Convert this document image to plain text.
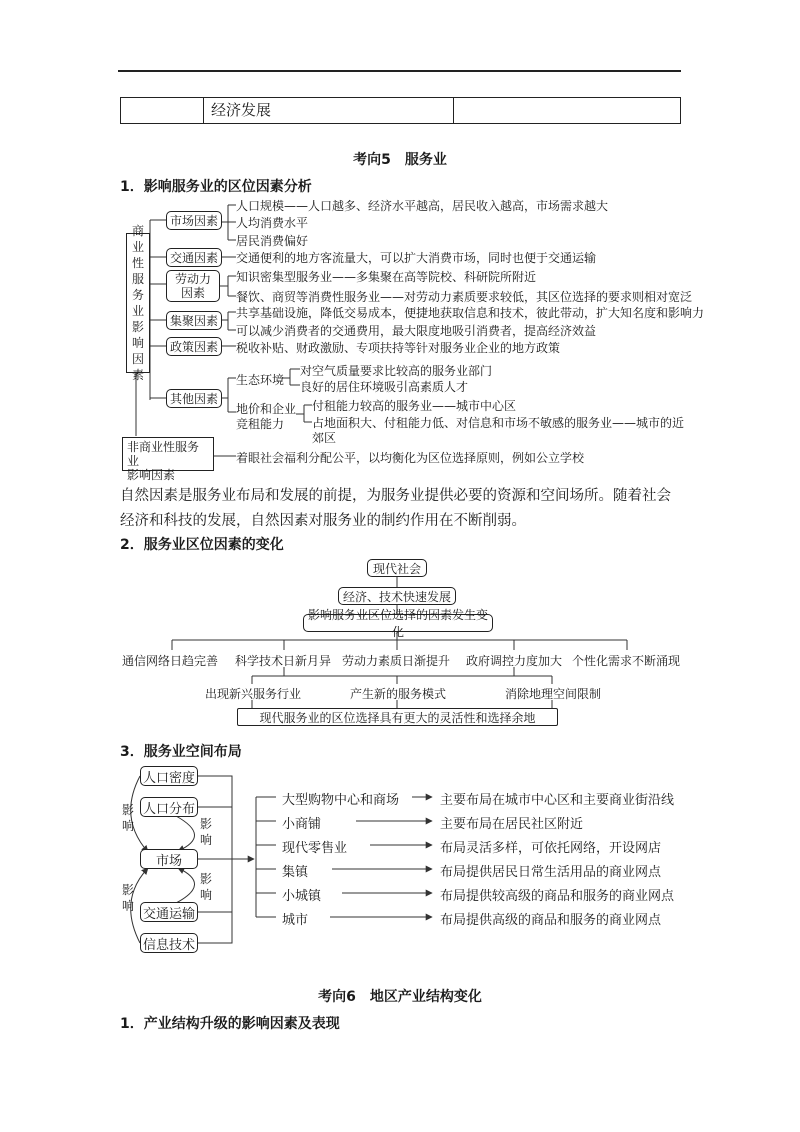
经济发展
考向5　服务业
1．影响服务业的区位因素分析
商
业
性
服
务
业
影
响
因
素
市场因素
人口规模——人口越多、经济水平越高，居民收入越高，市场需求越大
人均消费水平
居民消费偏好
交通因素	交通便利的地方客流量大，可以扩大消费市场，同时也便于交通运输
劳动力
因素
知识密集型服务业——多集聚在高等院校、科研院所附近
餐饮、商贸等消费性服务业——对劳动力素质要求较低，其区位选择的要求则相对宽泛
集聚因素
共享基础设施，降低交易成本，便捷地获取信息和技术，彼此带动，扩大知名度和影响力
可以减少消费者的交通费用，最大限度地吸引消费者，提高经济效益
政策因素	税收补贴、财政激励、专项扶持等针对服务业企业的地方政策
其他因素
生态环境
对空气质量要求比较高的服务业部门
良好的居住环境吸引高素质人才
地价和企业
竞租能力
付租能力较高的服务业——城市中心区
占地面积大、付租能力低、对信息和市场不敏感的服务业——城市的近
郊区
非商业性服务业
影响因素
着眼社会福利分配公平，以均衡化为区位选择原则，例如公立学校
自然因素是服务业布局和发展的前提，为服务业提供必要的资源和空间场所。随着社会经济和科技的发展，自然因素对服务业的制约作用在不断削弱。
2．服务业区位因素的变化
现代社会
经济、技术快速发展
影响服务业区位选择的因素发生变化
通信网络日趋完善 科学技术日新月异 劳动力素质日渐提升 政府调控力度加大 个性化需求不断涌现
出现新兴服务行业	产生新的服务模式	消除地理空间限制
现代服务业的区位选择具有更大的灵活性和选择余地
3．服务业空间布局
人口密度
人口分布
市场
交通运输
信息技术
影
响	影
响
影
响
影
响
大型购物中心和商场	主要布局在城市中心区和主要商业街沿线
小商铺	主要布局在居民社区附近
现代零售业	布局灵活多样，可依托网络，开设网店
集镇	布局提供居民日常生活用品的商业网点
小城镇	布局提供较高级的商品和服务的商业网点
城市	布局提供高级的商品和服务的商业网点
考向6　地区产业结构变化
1．产业结构升级的影响因素及表现
